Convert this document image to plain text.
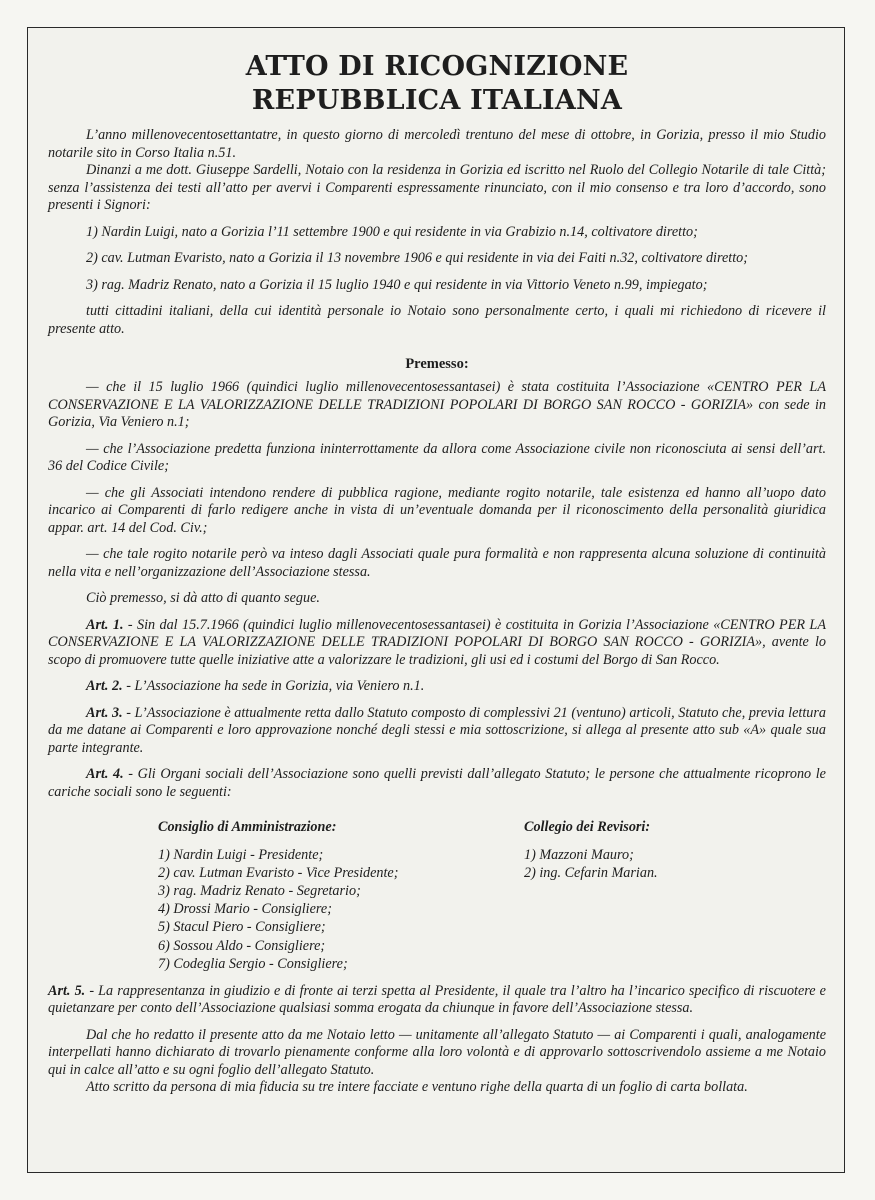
ATTO DI RICOGNIZIONE
REPUBBLICA ITALIANA

L’anno millenovecentosettantatre, in questo giorno di mercoledì trentuno del mese di ottobre, in Gorizia, presso il mio Studio notarile sito in Corso Italia n.51.

Dinanzi a me dott. Giuseppe Sardelli, Notaio con la residenza in Gorizia ed iscritto nel Ruolo del Collegio Notarile di tale Città; senza l’assistenza dei testi all’atto per avervi i Comparenti espressamente rinunciato, con il mio consenso e tra loro d’accordo, sono presenti i Signori:

1) Nardin Luigi, nato a Gorizia l’11 settembre 1900 e qui residente in via Grabizio n.14, coltivatore diretto;

2) cav. Lutman Evaristo, nato a Gorizia il 13 novembre 1906 e qui residente in via dei Faiti n.32, coltivatore diretto;

3) rag. Madriz Renato, nato a Gorizia il 15 luglio 1940 e qui residente in via Vittorio Veneto n.99, impiegato;

tutti cittadini italiani, della cui identità personale io Notaio sono personalmente certo, i quali mi richiedono di ricevere il presente atto.

Premesso:

— che il 15 luglio 1966 (quindici luglio millenovecentosessantasei) è stata costituita l’Associazione «CENTRO PER LA CONSERVAZIONE E LA VALORIZZAZIONE DELLE TRADIZIONI POPOLARI DI BORGO SAN ROCCO - GORIZIA» con sede in Gorizia, Via Veniero n.1;

— che l’Associazione predetta funziona ininterrottamente da allora come Associazione civile non riconosciuta ai sensi dell’art. 36 del Codice Civile;

— che gli Associati intendono rendere di pubblica ragione, mediante rogito notarile, tale esistenza ed hanno all’uopo dato incarico ai Comparenti di farlo redigere anche in vista di un’eventuale domanda per il riconoscimento della personalità giuridica appar. art. 14 del Cod. Civ.;

— che tale rogito notarile però va inteso dagli Associati quale pura formalità e non rappresenta alcuna soluzione di continuità nella vita e nell’organizzazione dell’Associazione stessa.

Ciò premesso, si dà atto di quanto segue.

Art. 1. - Sin dal 15.7.1966 (quindici luglio millenovecentosessantasei) è costituita in Gorizia l’Associazione «CENTRO PER LA CONSERVAZIONE E LA VALORIZZAZIONE DELLE TRADIZIONI POPOLARI DI BORGO SAN ROCCO - GORIZIA», avente lo scopo di promuovere tutte quelle iniziative atte a valorizzare le tradizioni, gli usi ed i costumi del Borgo di San Rocco.

Art. 2. - L’Associazione ha sede in Gorizia, via Veniero n.1.

Art. 3. - L’Associazione è attualmente retta dallo Statuto composto di complessivi 21 (ventuno) articoli, Statuto che, previa lettura da me datane ai Comparenti e loro approvazione nonché degli stessi e mia sottoscrizione, si allega al presente atto sub «A» quale sua parte integrante.

Art. 4. - Gli Organi sociali dell’Associazione sono quelli previsti dall’allegato Statuto; le persone che attualmente ricoprono le cariche sociali sono le seguenti:

Consiglio di Amministrazione:
1) Nardin Luigi - Presidente;
2) cav. Lutman Evaristo - Vice Presidente;
3) rag. Madriz Renato - Segretario;
4) Drossi Mario - Consigliere;
5) Stacul Piero - Consigliere;
6) Sossou Aldo - Consigliere;
7) Codeglia Sergio - Consigliere;
Collegio dei Revisori:
1) Mazzoni Mauro;
2) ing. Cefarin Marian.

Art. 5. - La rappresentanza in giudizio e di fronte ai terzi spetta al Presidente, il quale tra l’altro ha l’incarico specifico di riscuotere e quietanzare per conto dell’Associazione qualsiasi somma erogata da chiunque in favore dell’Associazione stessa.

Dal che ho redatto il presente atto da me Notaio letto — unitamente all’allegato Statuto — ai Comparenti i quali, analogamente interpellati hanno dichiarato di trovarlo pienamente conforme alla loro volontà e di approvarlo sottoscrivendolo assieme a me Notaio qui in calce all’atto e su ogni foglio dell’allegato Statuto.

Atto scritto da persona di mia fiducia su tre intere facciate e ventuno righe della quarta di un foglio di carta bollata.
